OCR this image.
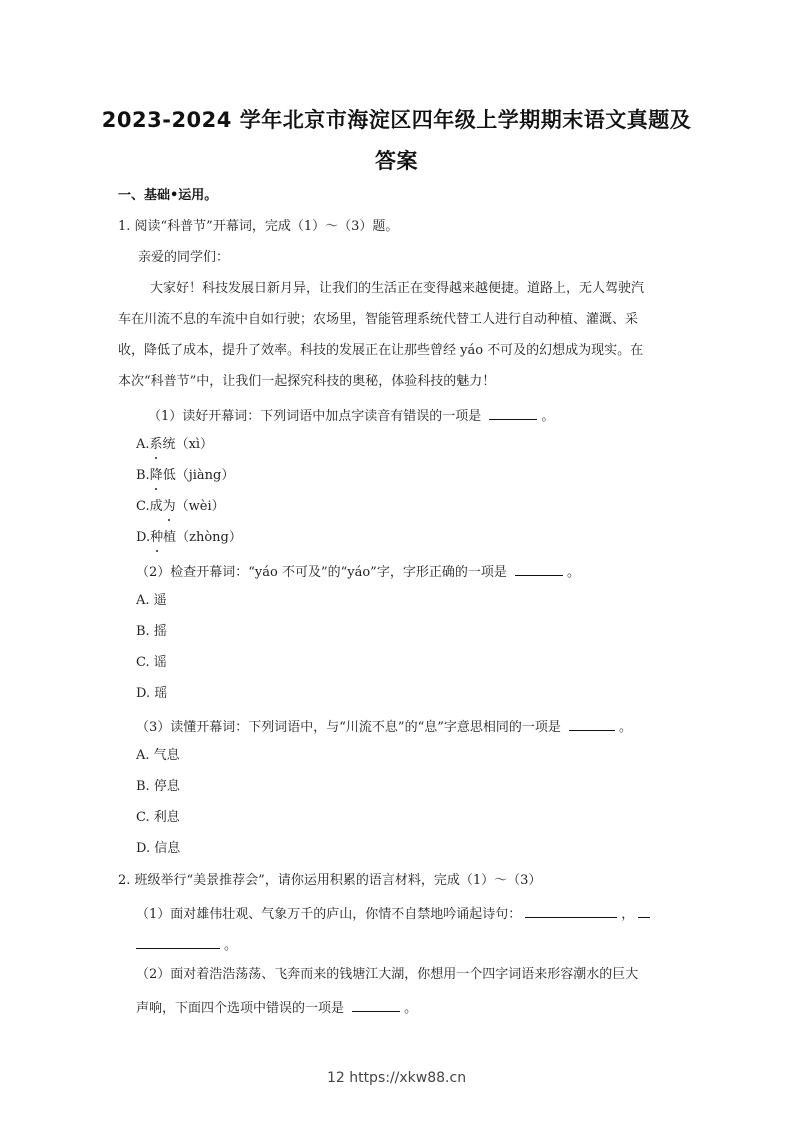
2023-2024 学年北京市海淀区四年级上学期期末语文真题及
答案
一、基础•运用。
1. 阅读“科普节”开幕词，完成（1）～（3）题。
亲爱的同学们：
大家好！科技发展日新月异，让我们的生活正在变得越来越便捷。道路上，无人驾驶汽
车在川流不息的车流中自如行驶；农场里，智能管理系统代替工人进行自动种植、灌溉、采
收，降低了成本，提升了效率。科技的发展正在让那些曾经 yáo 不可及的幻想成为现实。在
本次“科普节”中，让我们一起探究科技的奥秘，体验科技的魅力！
（1）读好开幕词：下列词语中加点字读音有错误的一项是	。
A.系统（xì）
B.降低（jiàng）
C.成为（wèi）
D.种植（zhòng）
（2）检查开幕词：“yáo 不可及”的“yáo”字，字形正确的一项是	。
A. 遥
B. 摇
C. 谣
D. 瑶
（3）读懂开幕词：下列词语中，与“川流不息”的“息”字意思相同的一项是	。
A. 气息
B. 停息
C. 利息
D. 信息
2. 班级举行“美景推荐会”，请你运用积累的语言材料，完成（1）～（3）
（1）面对雄伟壮观、气象万千的庐山，你情不自禁地吟诵起诗句：	，
。
（2）面对着浩浩荡荡、飞奔而来的钱塘江大湖，你想用一个四字词语来形容潮水的巨大
声响，下面四个选项中错误的一项是	。
12 https://xkw88.cn
